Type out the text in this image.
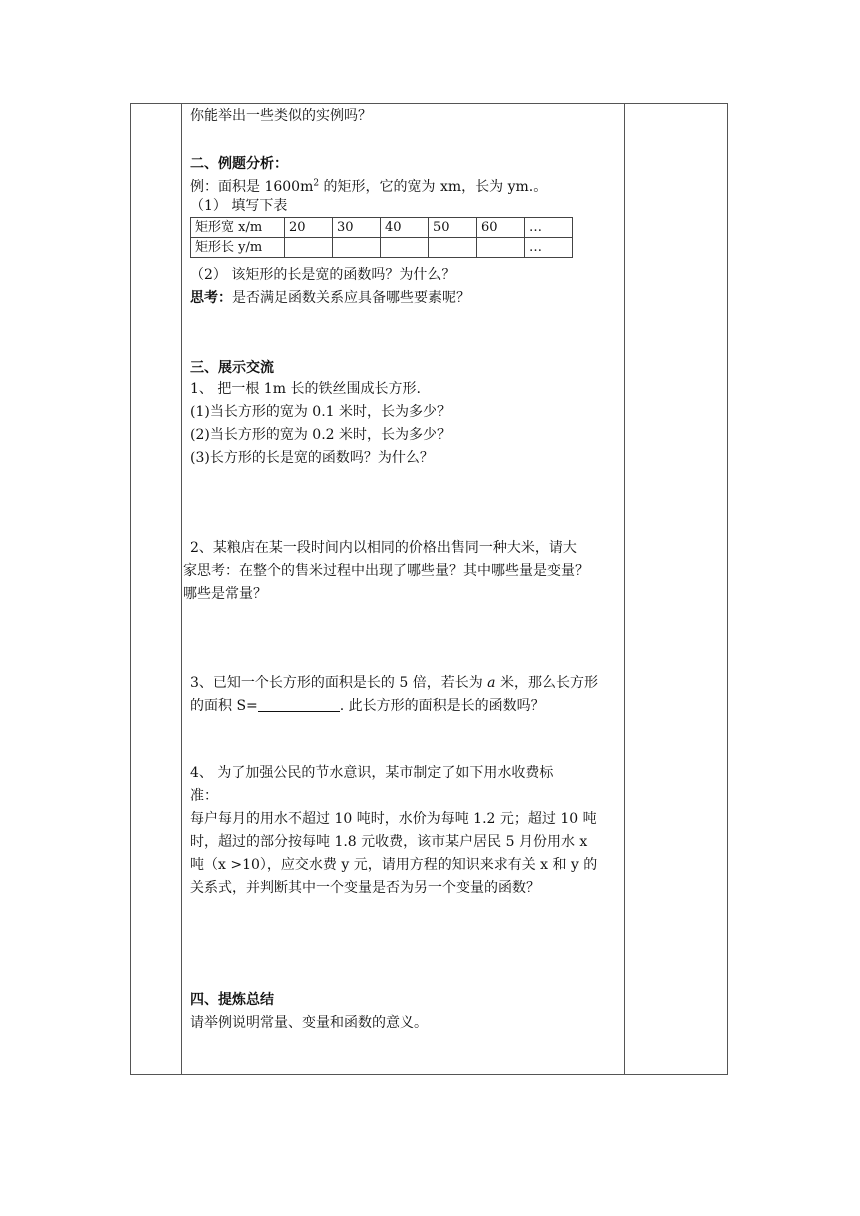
你能举出一些类似的实例吗？
二、例题分析：
例：面积是 $1600m^2$ 的矩形，它的宽为 xm，长为 ym.。
（1） 填写下表
矩形宽 x/m	20	30	40	50	60	…
矩形长 y/m						…
（2） 该矩形的长是宽的函数吗？为什么？
思考：是否满足函数关系应具备哪些要素呢？
三、展示交流
1、 把一根 1m 长的铁丝围成长方形.
(1)当长方形的宽为 0.1 米时，长为多少？
(2)当长方形的宽为 0.2 米时，长为多少？
(3)长方形的长是宽的函数吗？为什么？
2、某粮店在某一段时间内以相同的价格出售同一种大米，请大
家思考：在整个的售米过程中出现了哪些量？其中哪些量是变量？
哪些是常量？
3、已知一个长方形的面积是长的 5 倍，若长为 a 米，那么长方形
的面积 S=	. 此长方形的面积是长的函数吗？
4、 为了加强公民的节水意识，某市制定了如下用水收费标
准：
每户每月的用水不超过 10 吨时，水价为每吨 1.2 元；超过 10 吨
时，超过的部分按每吨 1.8 元收费，该市某户居民 5 月份用水 x
吨（x >10），应交水费 y 元，请用方程的知识来求有关 x 和 y 的
关系式，并判断其中一个变量是否为另一个变量的函数？
四、提炼总结
请举例说明常量、变量和函数的意义。
